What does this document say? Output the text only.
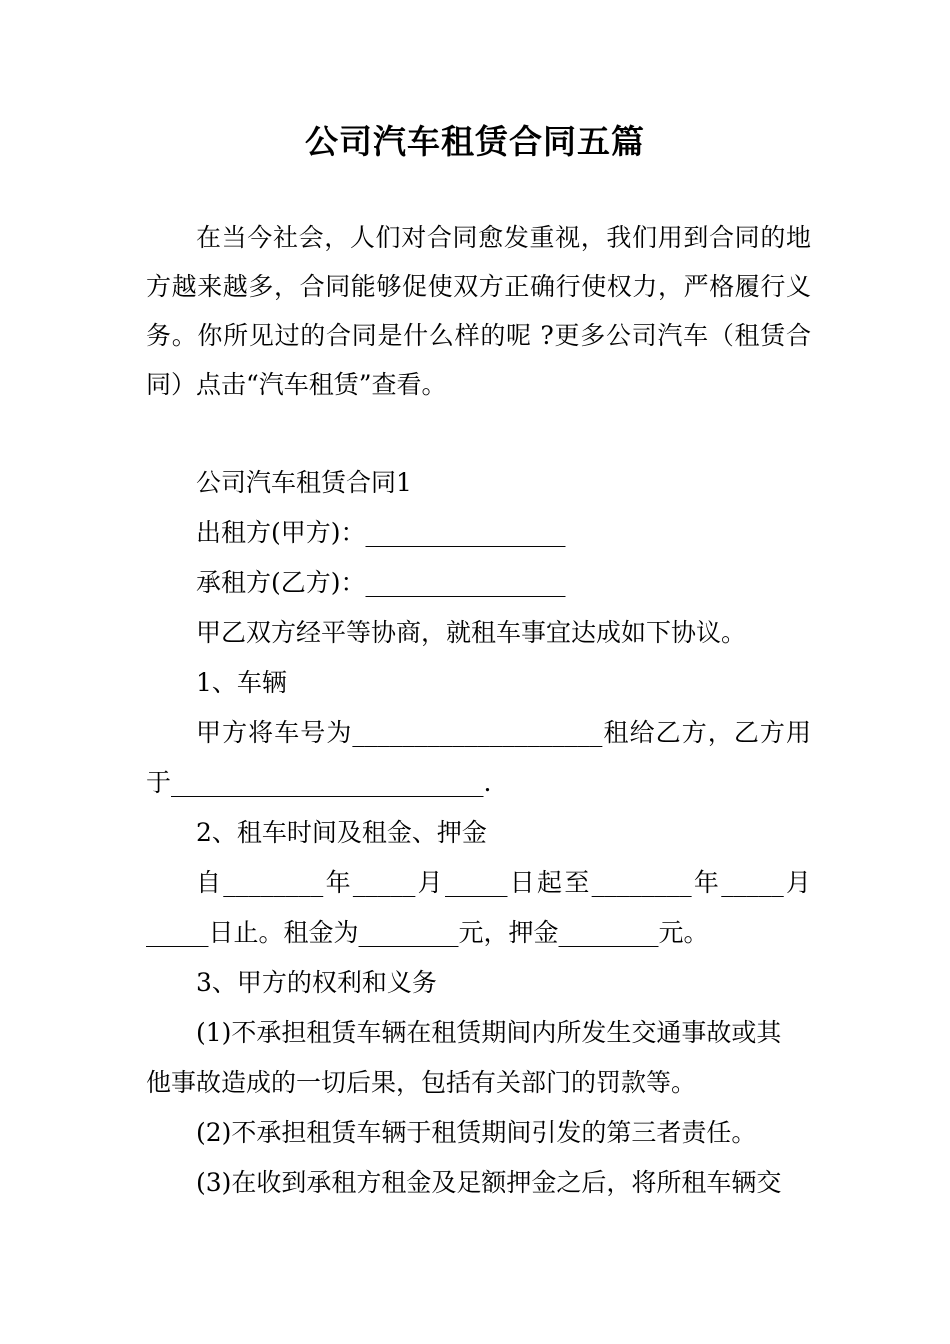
公司汽车租赁合同五篇

在当今社会，人们对合同愈发重视，我们用到合同的地方越来越多，合同能够促使双方正确行使权力，严格履行义务。你所见过的合同是什么样的呢 ?更多公司汽车（租赁合同）点击“汽车租赁”查看。

公司汽车租赁合同1
出租方(甲方)：________________
承租方(乙方)：________________
甲乙双方经平等协商，就租车事宜达成如下协议。
1、车辆
甲方将车号为____________________租给乙方，乙方用
于_________________________.
2、租车时间及租金、押金
自________年_____月_____日起至________年_____月
_____日止。租金为________元，押金________元。
3、甲方的权利和义务
(1)不承担租赁车辆在租赁期间内所发生交通事故或其
他事故造成的一切后果，包括有关部门的罚款等。
(2)不承担租赁车辆于租赁期间引发的第三者责任。
(3)在收到承租方租金及足额押金之后，将所租车辆交
